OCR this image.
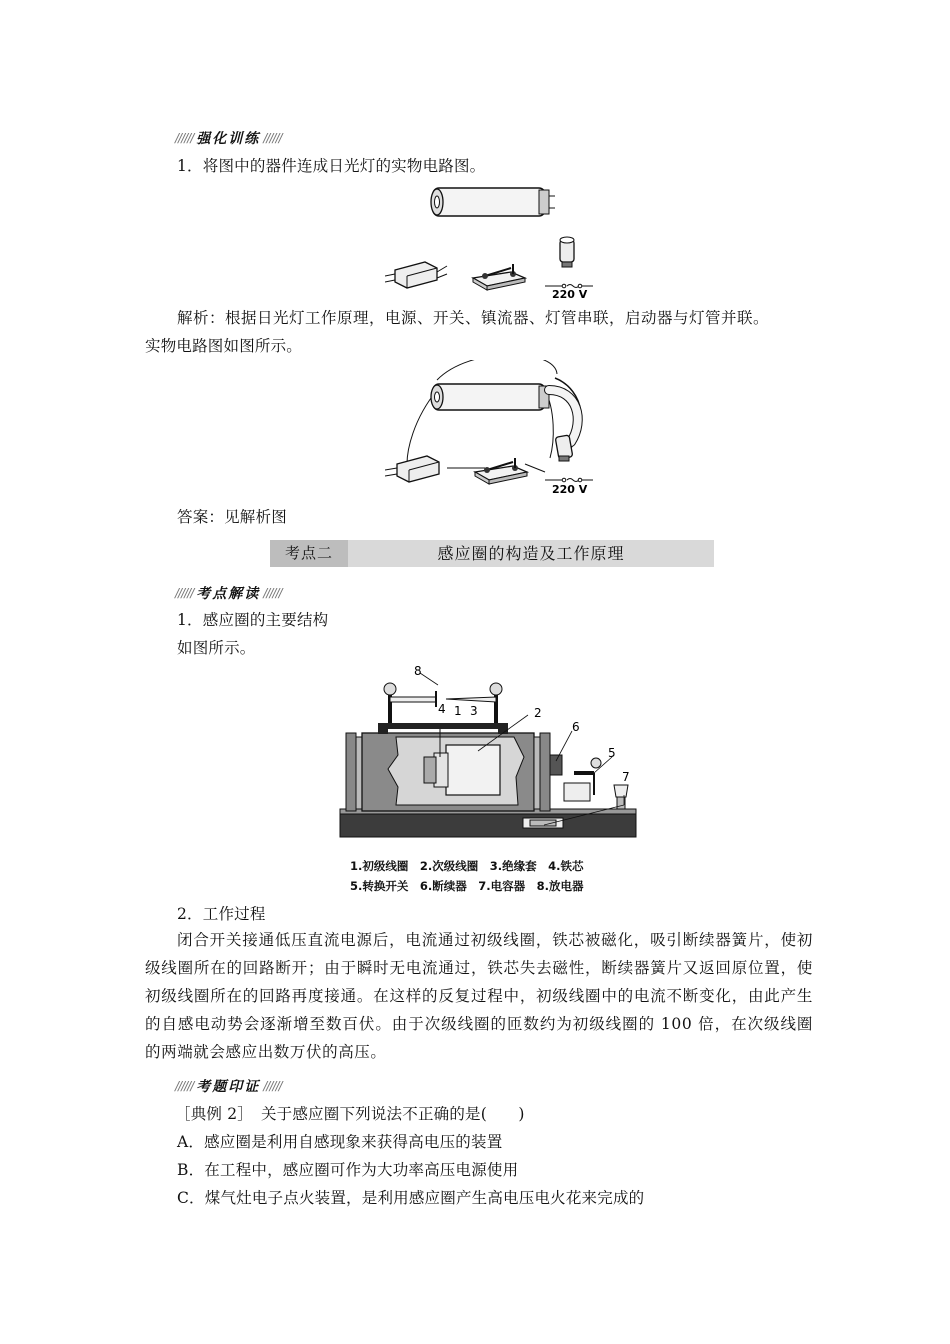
////// 强化训练 //////
1．将图中的器件连成日光灯的实物电路图。
220 V
解析：根据日光灯工作原理，电源、开关、镇流器、灯管串联，启动器与灯管并联。
实物电路图如图所示。
220 V
答案：见解析图
考点二	感应圈的构造及工作原理
////// 考点解读 //////
1．感应圈的主要结构
如图所示。
8
4 1 3	2
6
5
7
1.初级线圈　2.次级线圈　3.绝缘套　4.铁芯
5.转换开关　6.断续器　7.电容器　8.放电器
2．工作过程
闭合开关接通低压直流电源后，电流通过初级线圈，铁芯被磁化，吸引断续器簧片，使初级线圈所在的回路断开；由于瞬时无电流通过，铁芯失去磁性，断续器簧片又返回原位置，使初级线圈所在的回路再度接通。在这样的反复过程中，初级线圈中的电流不断变化，由此产生的自感电动势会逐渐增至数百伏。由于次级线圈的匝数约为初级线圈的 100 倍，在次级线圈的两端就会感应出数万伏的高压。
////// 考题印证 //////
［典例 2］　关于感应圈下列说法不正确的是(　　)
A．感应圈是利用自感现象来获得高电压的装置
B．在工程中，感应圈可作为大功率高压电源使用
C．煤气灶电子点火装置，是利用感应圈产生高电压电火花来完成的
